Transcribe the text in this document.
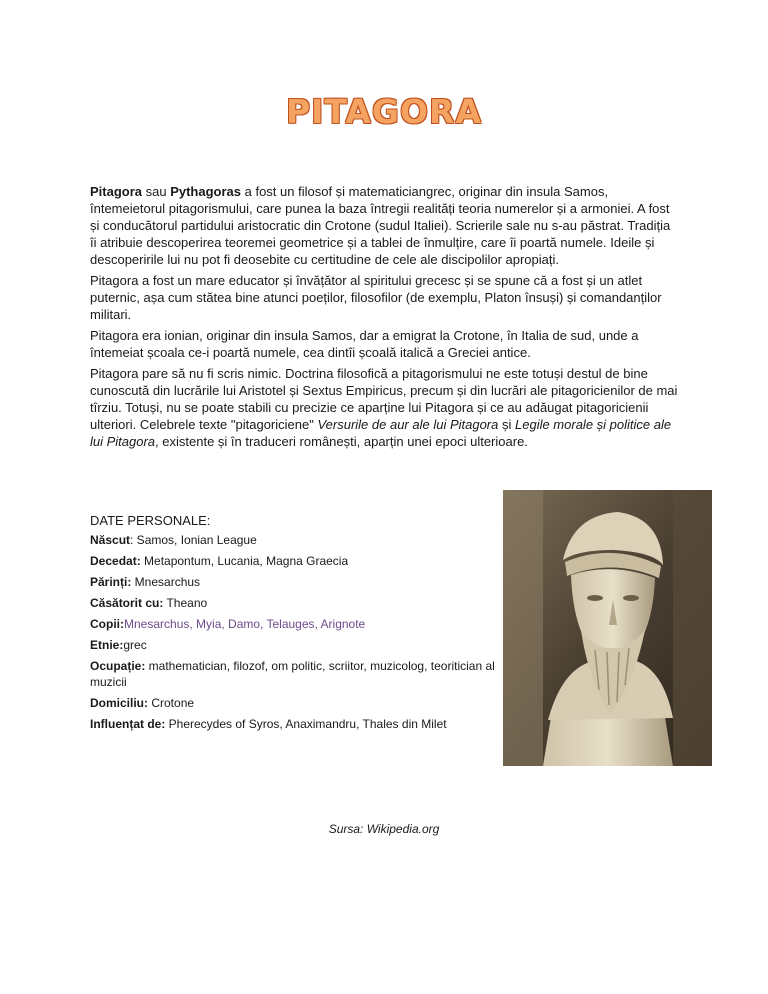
PITAGORA

Pitagora sau Pythagoras a fost un filosof și matematiciangrec, originar din insula Samos, întemeietorul pitagorismului, care punea la baza întregii realități teoria numerelor și a armoniei. A fost și conducătorul partidului aristocratic din Crotone (sudul Italiei). Scrierile sale nu s-au păstrat. Tradiția îi atribuie descoperirea teoremei geometrice și a tablei de înmulțire, care îi poartă numele. Ideile și descoperirile lui nu pot fi deosebite cu certitudine de cele ale discipolilor apropiați.

Pitagora a fost un mare educator și învățător al spiritului grecesc și se spune că a fost și un atlet puternic, așa cum stătea bine atunci poeților, filosofilor (de exemplu, Platon însuși) și comandanților militari.

Pitagora era ionian, originar din insula Samos, dar a emigrat la Crotone, în Italia de sud, unde a întemeiat școala ce-i poartă numele, cea dintîi școală italică a Greciei antice.

Pitagora pare să nu fi scris nimic. Doctrina filosofică a pitagorismului ne este totuși destul de bine cunoscută din lucrările lui Aristotel și Sextus Empiricus, precum și din lucrări ale pitagoricienilor de mai tîrziu. Totuși, nu se poate stabili cu precizie ce aparține lui Pitagora și ce au adăugat pitagoricienii ulteriori. Celebrele texte "pitagoriciene" Versurile de aur ale lui Pitagora și Legile morale și politice ale lui Pitagora, existente și în traduceri românești, aparțin unei epoci ulterioare.

DATE PERSONALE:
Născut: Samos, Ionian League
Decedat: Metapontum, Lucania, Magna Graecia
Părinți: Mnesarchus
Căsătorit cu: Theano
Copii:Mnesarchus, Myia, Damo, Telauges, Arignote
Etnie:grec
Ocupație: mathematician, filozof, om politic, scriitor, muzicolog, teoritician al muzicii
Domiciliu: Crotone
Influențat de: Pherecydes of Syros, Anaximandru, Thales din Milet
Sursa: Wikipedia.org
